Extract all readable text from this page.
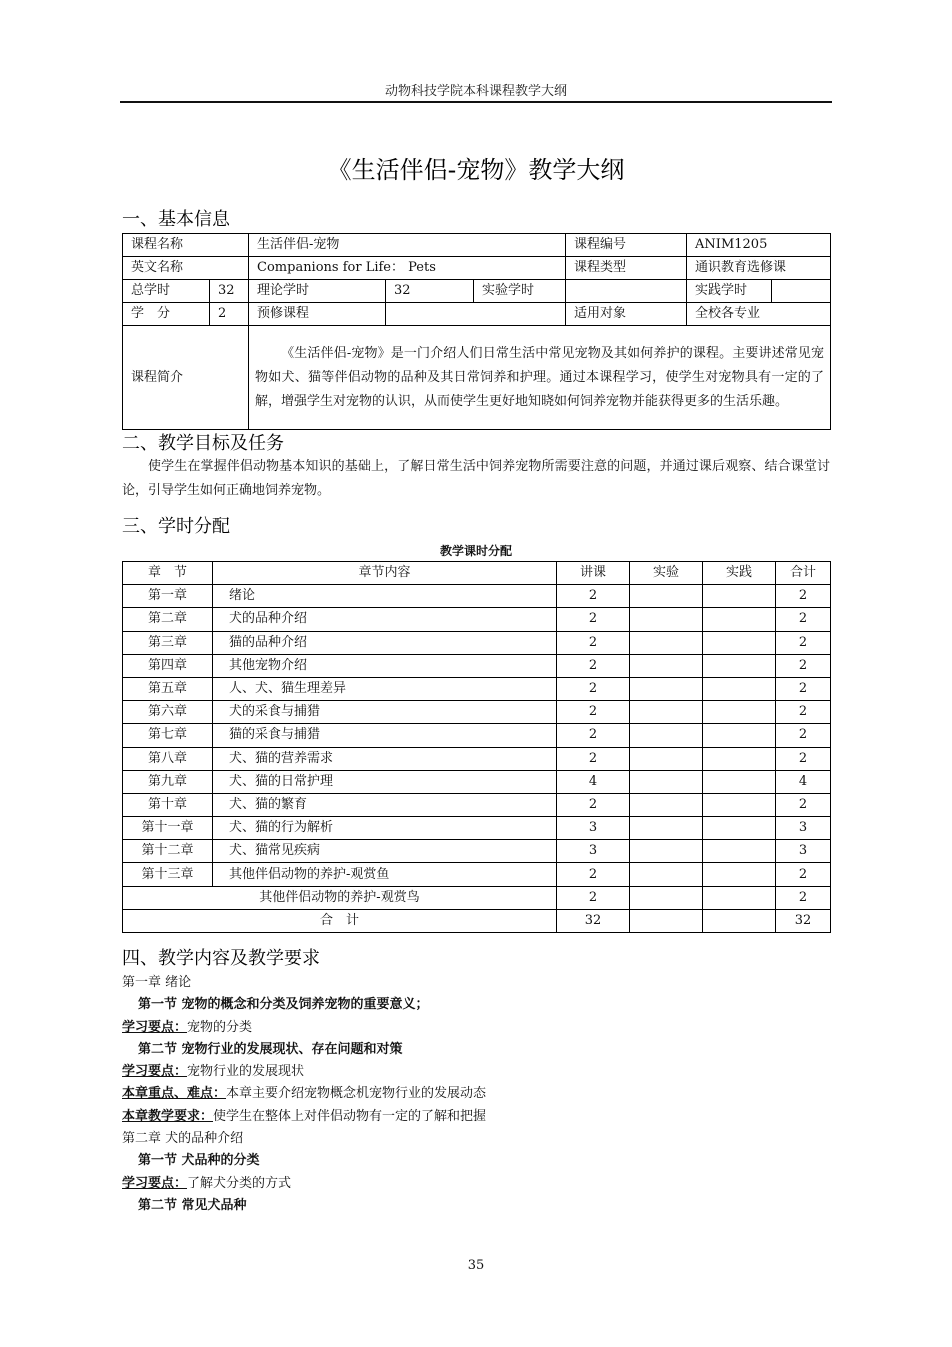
动物科技学院本科课程教学大纲
《生活伴侣-宠物》教学大纲
一、基本信息
课程名称		生活伴侣-宠物			课程编号	ANIM1205	
英文名称		Companions for Life： Pets			课程类型	通识教育选修课	
总学时	32	理论学时	32	实验学时		实践学时	
学　分	2	预修课程			适用对象	全校各专业	
课程简介		《生活伴侣-宠物》是一门介绍人们日常生活中常见宠物及其如何养护的课程。主要讲述常见宠物如犬、猫等伴侣动物的品种及其日常饲养和护理。通过本课程学习，使学生对宠物具有一定的了解，增强学生对宠物的认识，从而使学生更好地知晓如何饲养宠物并能获得更多的生活乐趣。					
二、教学目标及任务
使学生在掌握伴侣动物基本知识的基础上，了解日常生活中饲养宠物所需要注意的问题，并通过课后观察、结合课堂讨论，引导学生如何正确地饲养宠物。
三、学时分配
教学课时分配
章　节	章节内容	讲课	实验	实践	合计
第一章	绪论	2			2
第二章	犬的品种介绍	2			2
第三章	猫的品种介绍	2			2
第四章	其他宠物介绍	2			2
第五章	人、犬、猫生理差异	2			2
第六章	犬的采食与捕猎	2			2
第七章	猫的采食与捕猎	2			2
第八章	犬、猫的营养需求	2			2
第九章	犬、猫的日常护理	4			4
第十章	犬、猫的繁育	2			2
第十一章	犬、猫的行为解析	3			3
第十二章	犬、猫常见疾病	3			3
第十三章	其他伴侣动物的养护-观赏鱼	2			2
其他伴侣动物的养护-观赏鸟		2			2
合　计		32			32
四、教学内容及教学要求
第一章 绪论
第一节 宠物的概念和分类及饲养宠物的重要意义；
学习要点：宠物的分类
第二节 宠物行业的发展现状、存在问题和对策
学习要点：宠物行业的发展现状
本章重点、难点：本章主要介绍宠物概念机宠物行业的发展动态
本章教学要求：使学生在整体上对伴侣动物有一定的了解和把握
第二章 犬的品种介绍
第一节 犬品种的分类
学习要点：了解犬分类的方式
第二节 常见犬品种
35
